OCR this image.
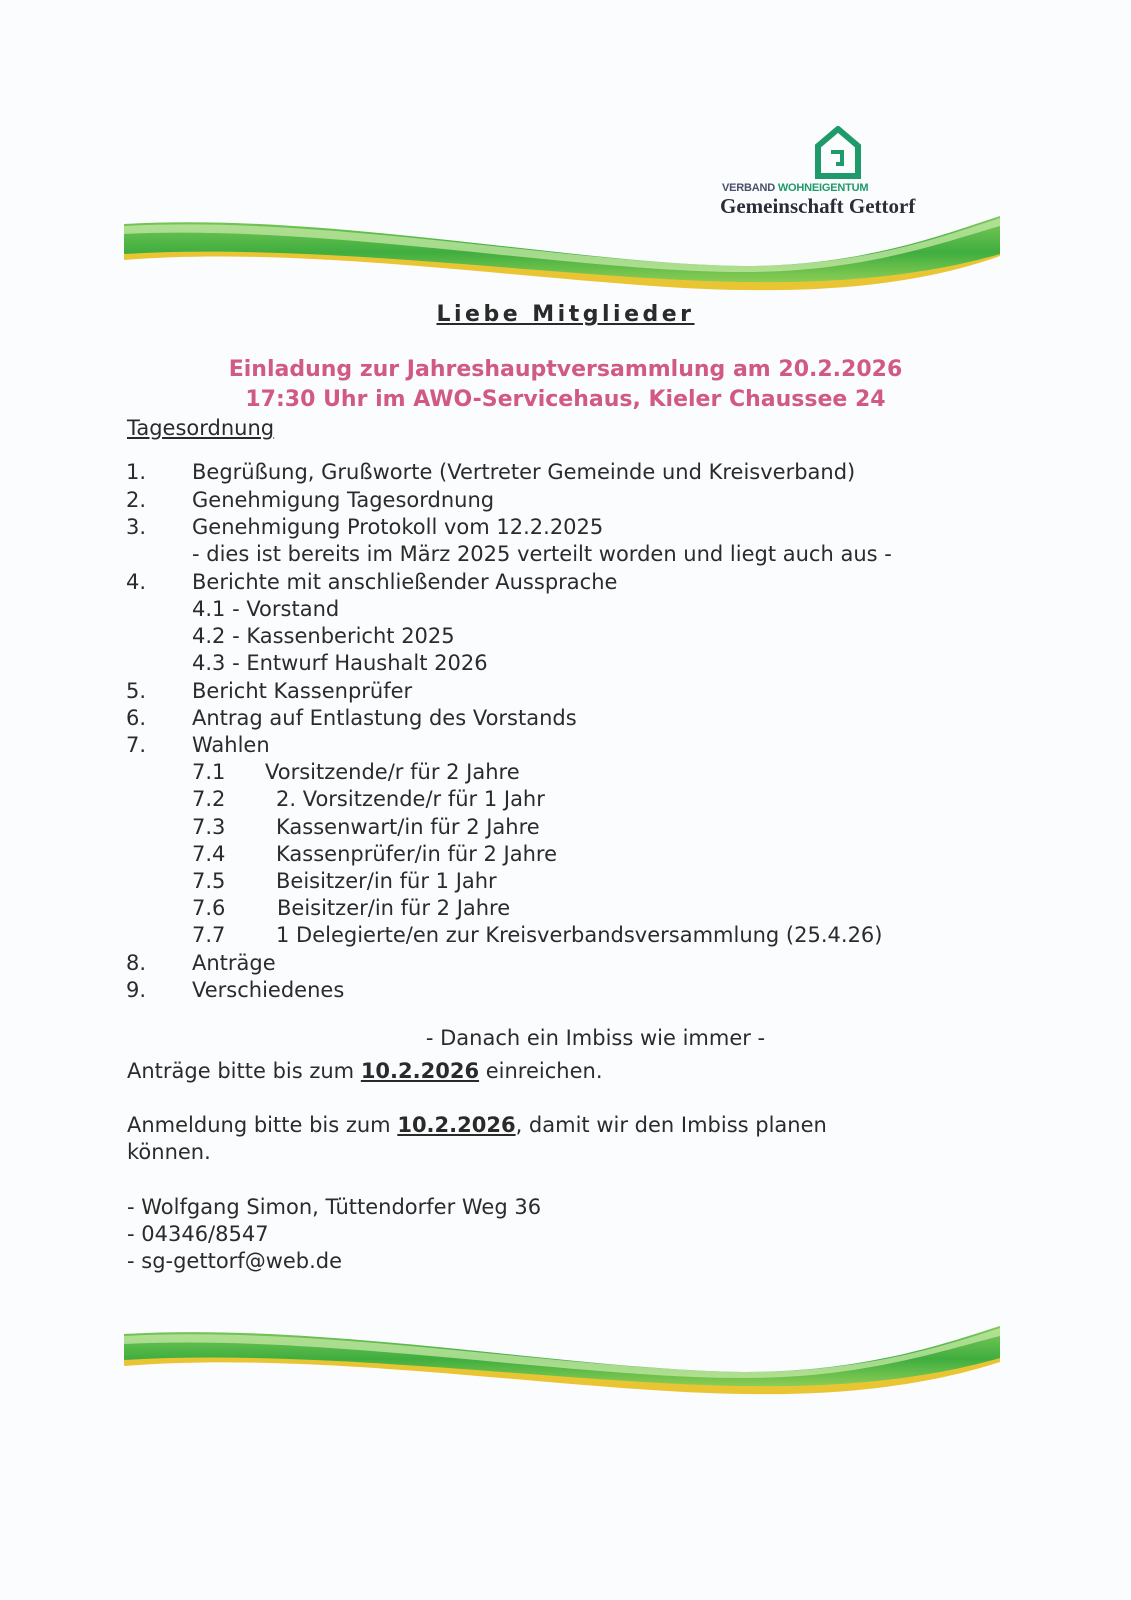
VERBAND WOHNEIGENTUM
Gemeinschaft Gettorf
Liebe Mitglieder
Einladung zur Jahreshauptversammlung am 20.2.2026
17:30 Uhr im AWO-Servicehaus, Kieler Chaussee 24
Tagesordnung
1. Begrüßung, Grußworte (Vertreter Gemeinde und Kreisverband)
2. Genehmigung Tagesordnung
3. Genehmigung Protokoll vom 12.2.2025
- dies ist bereits im März 2025 verteilt worden und liegt auch aus -
4. Berichte mit anschließender Aussprache
4.1 - Vorstand
4.2 - Kassenbericht 2025
4.3 - Entwurf Haushalt 2026
5. Bericht Kassenprüfer
6. Antrag auf Entlastung des Vorstands
7. Wahlen
7.1 Vorsitzende/r für 2 Jahre
7.2 2. Vorsitzende/r für 1 Jahr
7.3 Kassenwart/in für 2 Jahre
7.4 Kassenprüfer/in für 2 Jahre
7.5 Beisitzer/in für 1 Jahr
7.6 Beisitzer/in für 2 Jahre
7.7 1 Delegierte/en zur Kreisverbandsversammlung (25.4.26)
8. Anträge
9. Verschiedenes
- Danach ein Imbiss wie immer -
Anträge bitte bis zum 10.2.2026 einreichen.
Anmeldung bitte bis zum 10.2.2026, damit wir den Imbiss planen
können.
- Wolfgang Simon, Tüttendorfer Weg 36
- 04346/8547
- sg-gettorf@web.de
